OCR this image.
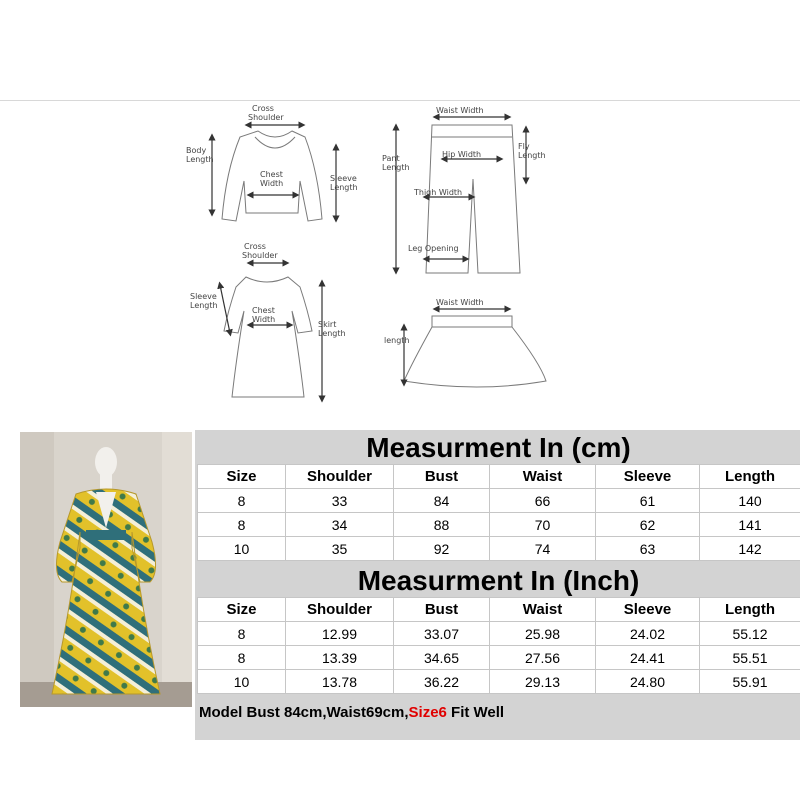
Cross Shoulder
Body Length
Chest Width
Sleeve Length
Waist Width
Pant Length
Hip Width
Fly Length
Thigh Width
Leg Opening
Cross Shoulder
Sleeve Length
Chest Width
Skirt Length
Waist Width
length
Measurment In (cm)
Size	Shoulder	Bust	Waist	Sleeve	Length
8	33	84	66	61	140
8	34	88	70	62	141
10	35	92	74	63	142
Measurment In (Inch)
Size	Shoulder	Bust	Waist	Sleeve	Length
8	12.99	33.07	25.98	24.02	55.12
8	13.39	34.65	27.56	24.41	55.51
10	13.78	36.22	29.13	24.80	55.91
Model Bust 84cm,Waist69cm,Size6 Fit Well
